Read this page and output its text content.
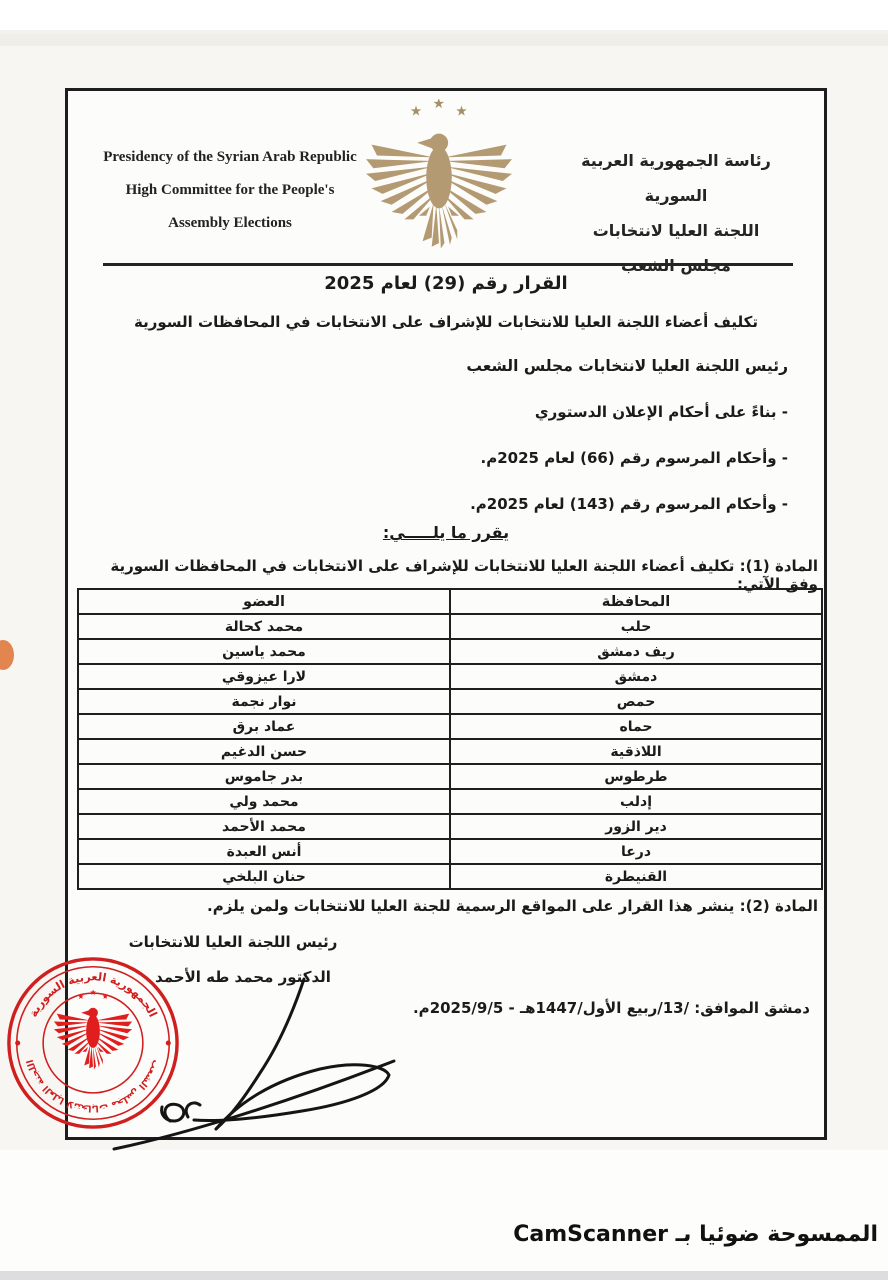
Presidency of the Syrian Arab Republic
High Committee for the People's
Assembly Elections
★ ★ ★
رئاسة الجمهورية العربية السورية
اللجنة العليا لانتخابات
القرار رقم (29) لعام 2025
تكليف أعضاء اللجنة العليا للانتخابات للإشراف على الانتخابات في المحافظات السورية
رئيس اللجنة العليا لانتخابات مجلس الشعب
- بناءً على أحكام الإعلان الدستوري
- وأحكام المرسوم رقم (66) لعام 2025م.
- وأحكام المرسوم رقم (143) لعام 2025م.
يقرر ما يلـــــي:
المادة (1): تكليف أعضاء اللجنة العليا للانتخابات للإشراف على الانتخابات في المحافظات السورية وفق الآتي:
المحافظة	العضو
حلب	محمد كحالة
ريف دمشق	محمد ياسين
دمشق	لارا عيزوقي
حمص	نوار نجمة
حماه	عماد برق
اللاذقية	حسن الدغيم
طرطوس	بدر جاموس
إدلب	محمد ولي
دير الزور	محمد الأحمد
درعا	أنس العبدة
القنيطرة	حنان البلخي
المادة (2): ينشر هذا القرار على المواقع الرسمية للجنة العليا للانتخابات ولمن يلزم.
رئيس اللجنة العليا للانتخابات
الدكتور محمد طه الأحمد
دمشق الموافق: /13/ربيع الأول/1447هـ - 2025/9/5م.
الجمهورية العربية السورية
اللجنة العليا لانتخابات مجلس الشعب
★ ★ ★
الممسوحة ضوئيا بـ CamScanner
